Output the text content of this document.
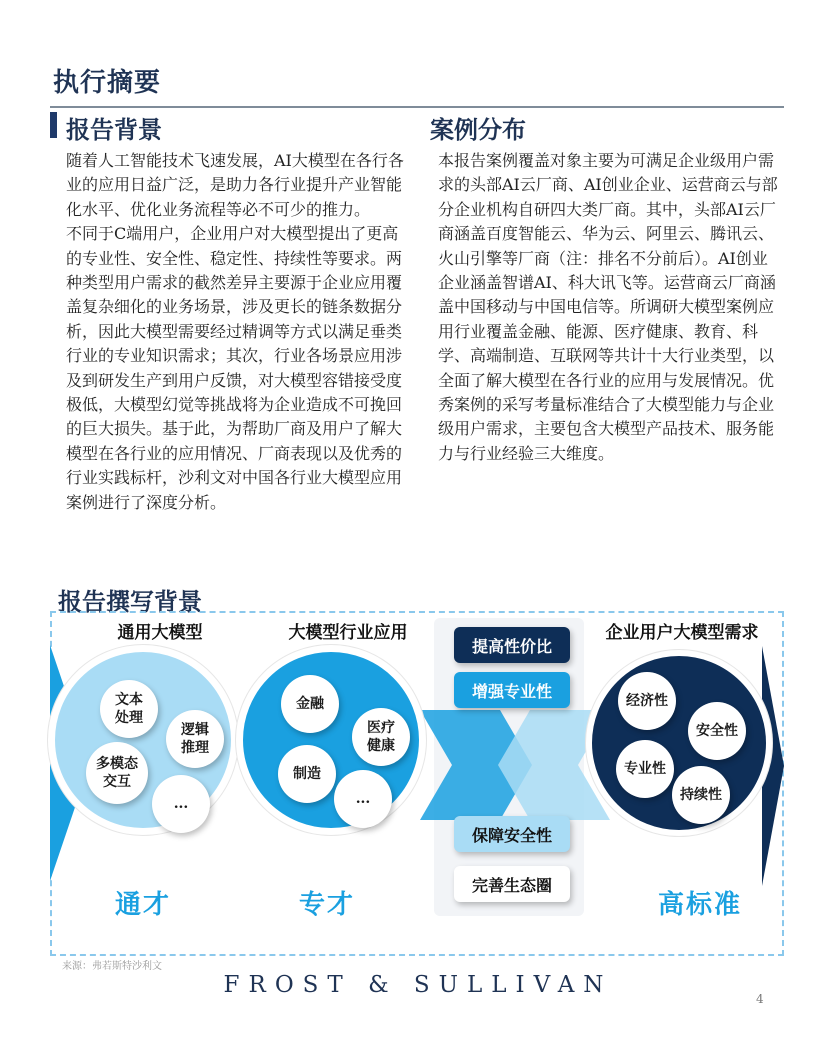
执行摘要
报告背景	案例分布

随着人工智能技术飞速发展，AI大模型在各行各业的应用日益广泛，是助力各行业提升产业智能化水平、优化业务流程等必不可少的推力。

不同于C端用户，企业用户对大模型提出了更高的专业性、安全性、稳定性、持续性等要求。两种类型用户需求的截然差异主要源于企业应用覆盖复杂细化的业务场景，涉及更长的链条数据分析，因此大模型需要经过精调等方式以满足垂类行业的专业知识需求；其次，行业各场景应用涉及到研发生产到用户反馈，对大模型容错接受度极低，大模型幻觉等挑战将为企业造成不可挽回的巨大损失。基于此，为帮助厂商及用户了解大模型在各行业的应用情况、厂商表现以及优秀的行业实践标杆，沙利文对中国各行业大模型应用案例进行了深度分析。

本报告案例覆盖对象主要为可满足企业级用户需求的头部AI云厂商、AI创业企业、运营商云与部分企业机构自研四大类厂商。其中，头部AI云厂商涵盖百度智能云、华为云、阿里云、腾讯云、火山引擎等厂商（注：排名不分前后）。AI创业企业涵盖智谱AI、科大讯飞等。运营商云厂商涵盖中国移动与中国电信等。所调研大模型案例应用行业覆盖金融、能源、医疗健康、教育、科学、高端制造、互联网等共计十大行业类型，以全面了解大模型在各行业的应用与发展情况。优秀案例的采写考量标准结合了大模型能力与企业级用户需求，主要包含大模型产品技术、服务能力与行业经验三大维度。

报告撰写背景
通用大模型	大模型行业应用	企业用户大模型需求
文本
处理
逻辑
推理
多模态
交互
...
金融
医疗
健康
制造
...
提高性价比
增强专业性
保障安全性
完善生态圈
经济性
安全性
专业性
持续性
通才	专才	高标准
来源：弗若斯特沙利文
FROST & SULLIVAN
4
